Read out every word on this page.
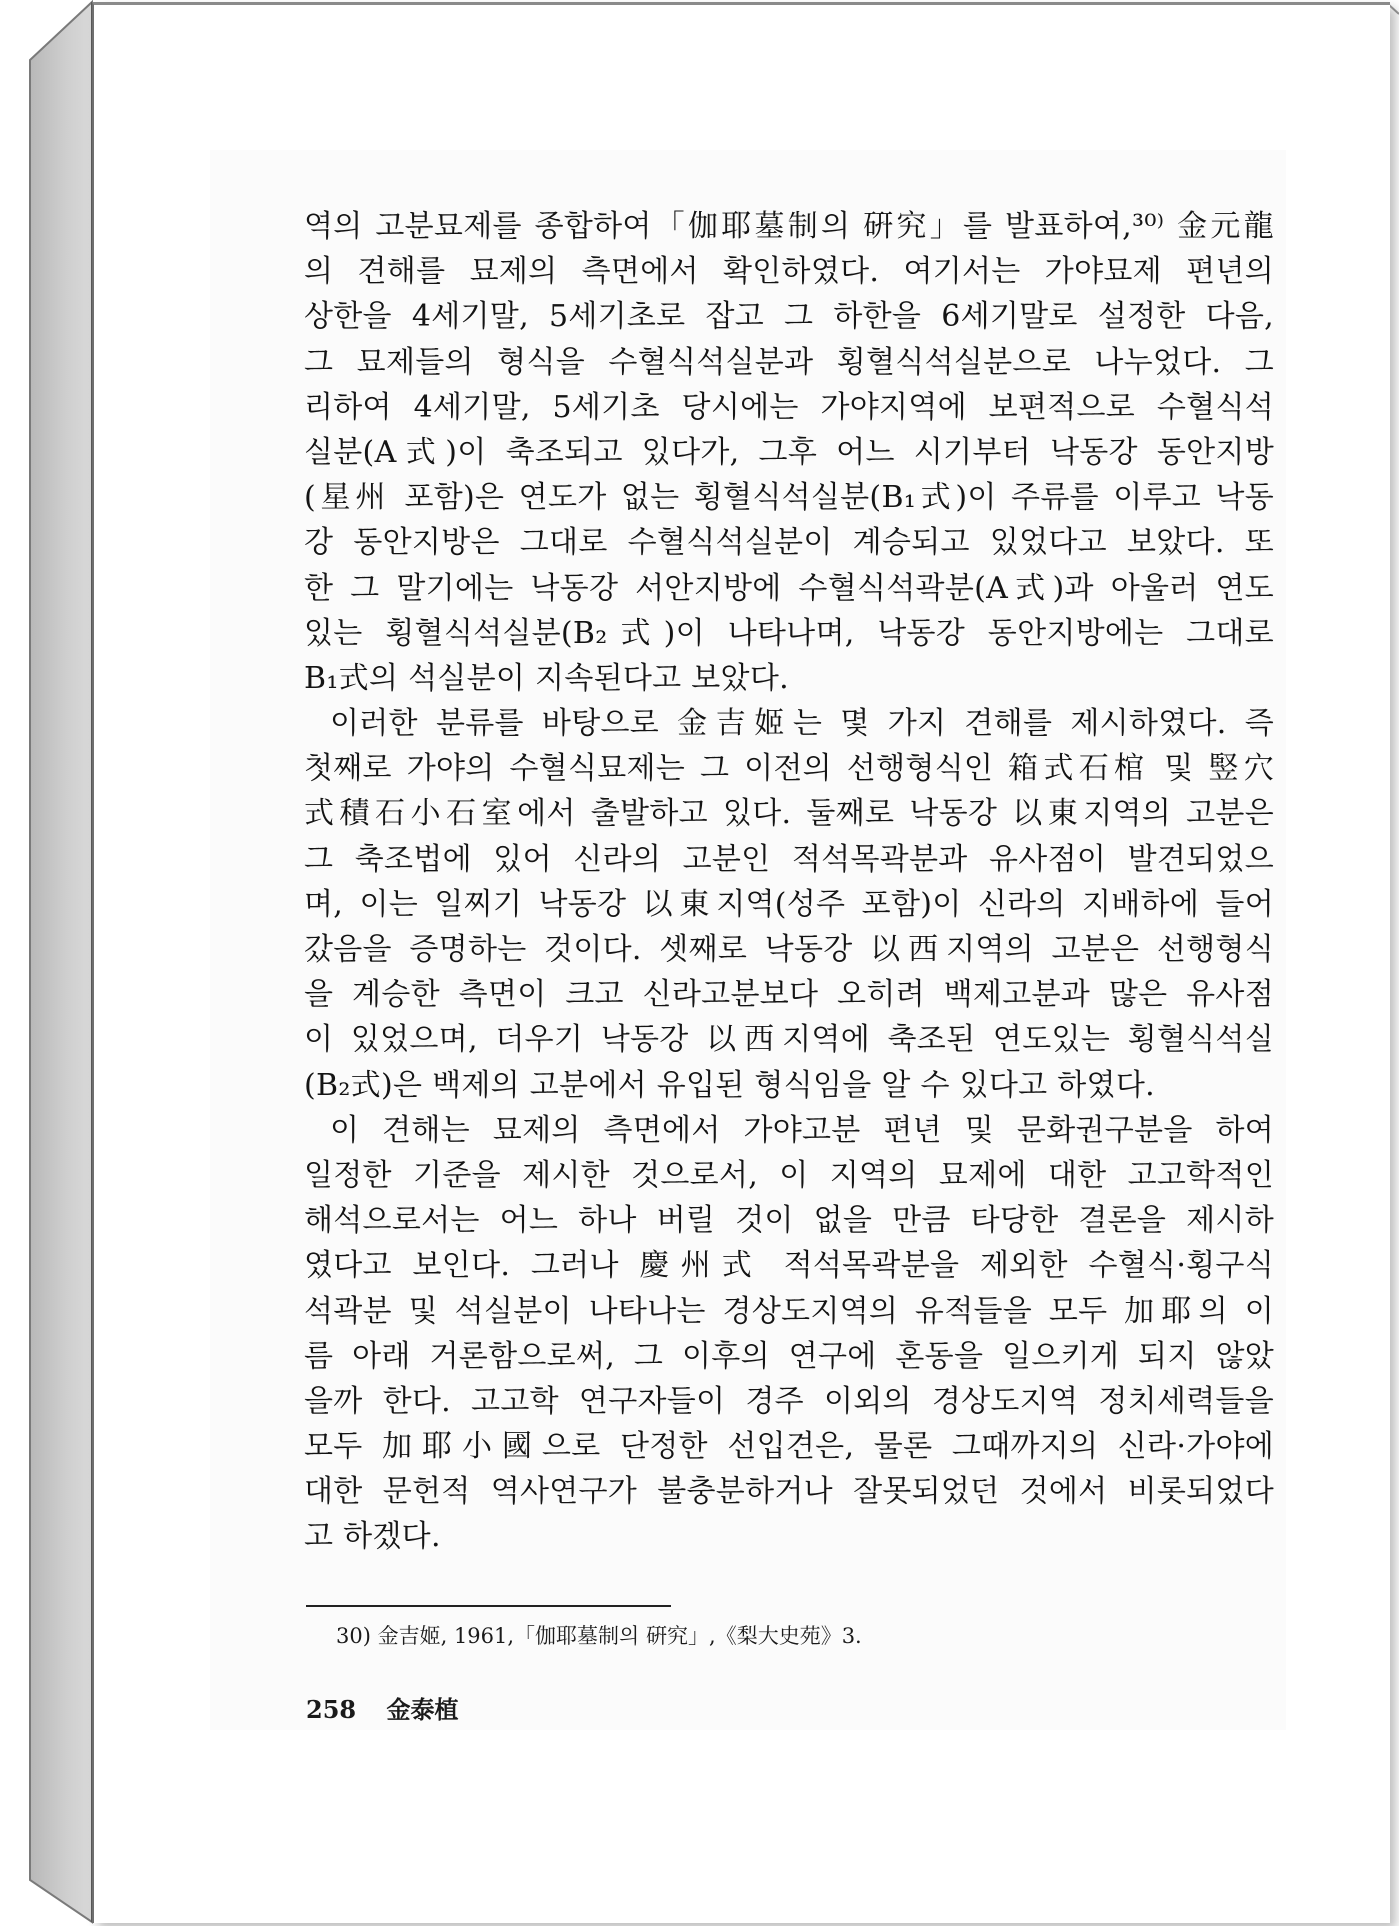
역의 고분묘제를 종합하여「伽耶墓制의 硏究」를 발표하여,³⁰⁾ 金元龍
의 견해를 묘제의 측면에서 확인하였다. 여기서는 가야묘제 편년의
상한을 4세기말, 5세기초로 잡고 그 하한을 6세기말로 설정한 다음,
그 묘제들의 형식을 수혈식석실분과 횡혈식석실분으로 나누었다. 그
리하여 4세기말, 5세기초 당시에는 가야지역에 보편적으로 수혈식석
실분(A式)이 축조되고 있다가, 그후 어느 시기부터 낙동강 동안지방
(星州 포함)은 연도가 없는 횡혈식석실분(B₁式)이 주류를 이루고 낙동
강 동안지방은 그대로 수혈식석실분이 계승되고 있었다고 보았다. 또
한 그 말기에는 낙동강 서안지방에 수혈식석곽분(A式)과 아울러 연도
있는 횡혈식석실분(B₂式)이 나타나며, 낙동강 동안지방에는 그대로
B₁式의 석실분이 지속된다고 보았다.
이러한 분류를 바탕으로 金吉姬는 몇 가지 견해를 제시하였다. 즉
첫째로 가야의 수혈식묘제는 그 이전의 선행형식인 箱式石棺 및 竪穴
式積石小石室에서 출발하고 있다. 둘째로 낙동강 以東지역의 고분은
그 축조법에 있어 신라의 고분인 적석목곽분과 유사점이 발견되었으
며, 이는 일찌기 낙동강 以東지역(성주 포함)이 신라의 지배하에 들어
갔음을 증명하는 것이다. 셋째로 낙동강 以西지역의 고분은 선행형식
을 계승한 측면이 크고 신라고분보다 오히려 백제고분과 많은 유사점
이 있었으며, 더우기 낙동강 以西지역에 축조된 연도있는 횡혈식석실
(B₂式)은 백제의 고분에서 유입된 형식임을 알 수 있다고 하였다.
이 견해는 묘제의 측면에서 가야고분 편년 및 문화권구분을 하여
일정한 기준을 제시한 것으로서, 이 지역의 묘제에 대한 고고학적인
해석으로서는 어느 하나 버릴 것이 없을 만큼 타당한 결론을 제시하
였다고 보인다. 그러나 慶州式 적석목곽분을 제외한 수혈식·횡구식
석곽분 및 석실분이 나타나는 경상도지역의 유적들을 모두 加耶의 이
름 아래 거론함으로써, 그 이후의 연구에 혼동을 일으키게 되지 않았
을까 한다. 고고학 연구자들이 경주 이외의 경상도지역 정치세력들을
모두 加耶小國으로 단정한 선입견은, 물론 그때까지의 신라·가야에
대한 문헌적 역사연구가 불충분하거나 잘못되었던 것에서 비롯되었다
고 하겠다.
30) 金吉姬, 1961,「伽耶墓制의 硏究」,《梨大史苑》3.
258 金泰植
